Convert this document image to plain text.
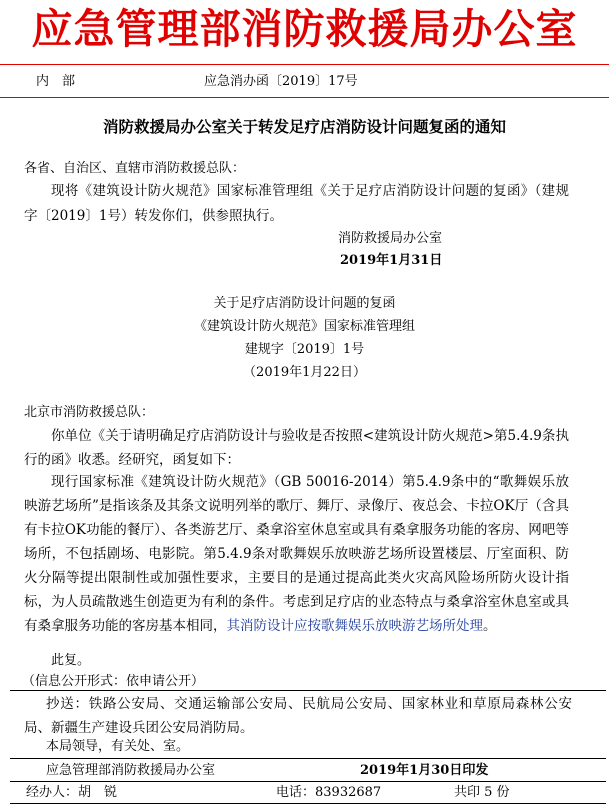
应急管理部消防救援局办公室
内　部	应急消办函〔2019〕17号
消防救援局办公室关于转发足疗店消防设计问题复函的通知
各省、自治区、直辖市消防救援总队：
现将《建筑设计防火规范》国家标准管理组《关于足疗店消防设计问题的复函》（建规字〔2019〕1号）转发你们，供参照执行。
消防救援局办公室
2019年1月31日
关于足疗店消防设计问题的复函
《建筑设计防火规范》国家标准管理组
建规字〔2019〕1号
（2019年1月22日）
北京市消防救援总队：
你单位《关于请明确足疗店消防设计与验收是否按照<建筑设计防火规范>第5.4.9条执行的函》收悉。经研究，函复如下：
现行国家标准《建筑设计防火规范》（GB 50016-2014）第5.4.9条中的“歌舞娱乐放映游艺场所”是指该条及其条文说明列举的歌厅、舞厅、录像厅、夜总会、卡拉OK厅（含具有卡拉OK功能的餐厅）、各类游艺厅、桑拿浴室休息室或具有桑拿服务功能的客房、网吧等场所，不包括剧场、电影院。第5.4.9条对歌舞娱乐放映游艺场所设置楼层、厅室面积、防火分隔等提出限制性或加强性要求，主要目的是通过提高此类火灾高风险场所防火设计指标，为人员疏散逃生创造更为有利的条件。考虑到足疗店的业态特点与桑拿浴室休息室或具有桑拿服务功能的客房基本相同，其消防设计应按歌舞娱乐放映游艺场所处理。
此复。
（信息公开形式：依申请公开）
抄送：铁路公安局、交通运输部公安局、民航局公安局、国家林业和草原局森林公安局、新疆生产建设兵团公安局消防局。
本局领导，有关处、室。
应急管理部消防救援局办公室	2019年1月30日印发
经办人：胡　锐	电话：83932687	共印 5 份
